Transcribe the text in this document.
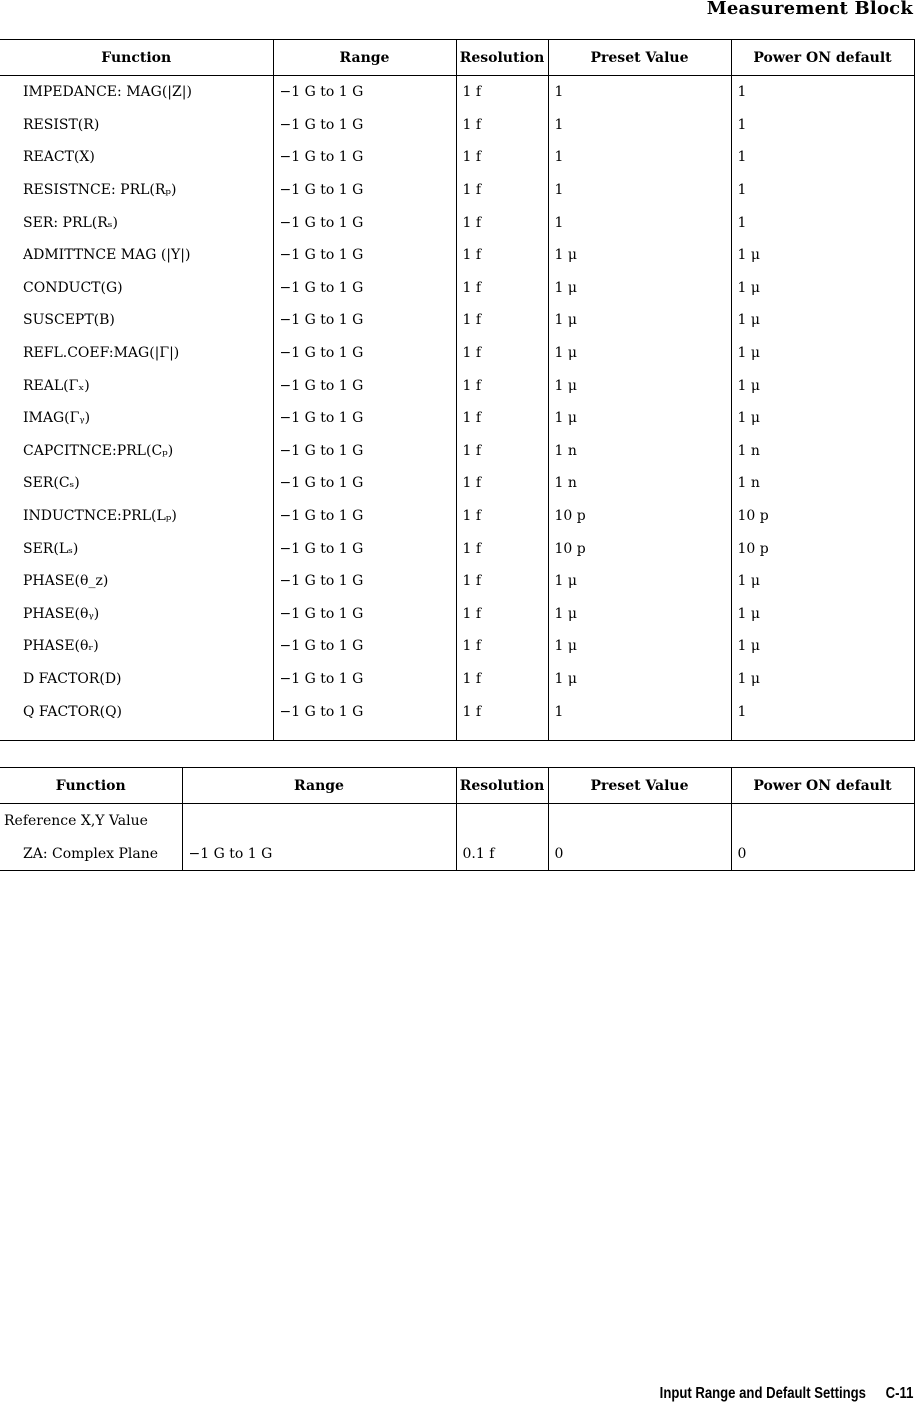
Measurement Block
Function	Range	Resolution	Preset Value	Power ON default
IMPEDANCE: MAG(|Z|)	−1 G to 1 G	1 f	1	1
RESIST(R)	−1 G to 1 G	1 f	1	1
REACT(X)	−1 G to 1 G	1 f	1	1
RESISTNCE: PRL(Rₚ)	−1 G to 1 G	1 f	1	1
SER: PRL(Rₛ)	−1 G to 1 G	1 f	1	1
ADMITTNCE MAG (|Y|)	−1 G to 1 G	1 f	1 μ	1 μ
CONDUCT(G)	−1 G to 1 G	1 f	1 μ	1 μ
SUSCEPT(B)	−1 G to 1 G	1 f	1 μ	1 μ
REFL.COEF:MAG(|Γ|)	−1 G to 1 G	1 f	1 μ	1 μ
REAL(Γₓ)	−1 G to 1 G	1 f	1 μ	1 μ
IMAG(Γᵧ)	−1 G to 1 G	1 f	1 μ	1 μ
CAPCITNCE:PRL(Cₚ)	−1 G to 1 G	1 f	1 n	1 n
SER(Cₛ)	−1 G to 1 G	1 f	1 n	1 n
INDUCTNCE:PRL(Lₚ)	−1 G to 1 G	1 f	10 p	10 p
SER(Lₛ)	−1 G to 1 G	1 f	10 p	10 p
PHASE(θ_z)	−1 G to 1 G	1 f	1 μ	1 μ
PHASE(θᵧ)	−1 G to 1 G	1 f	1 μ	1 μ
PHASE(θᵣ)	−1 G to 1 G	1 f	1 μ	1 μ
D FACTOR(D)	−1 G to 1 G	1 f	1 μ	1 μ
Q FACTOR(Q)	−1 G to 1 G	1 f	1	1

Function	Range	Resolution	Preset Value	Power ON default
Reference X,Y Value				
ZA: Complex Plane	−1 G to 1 G	0.1 f	0	0
Input Range and Default Settings C-11
